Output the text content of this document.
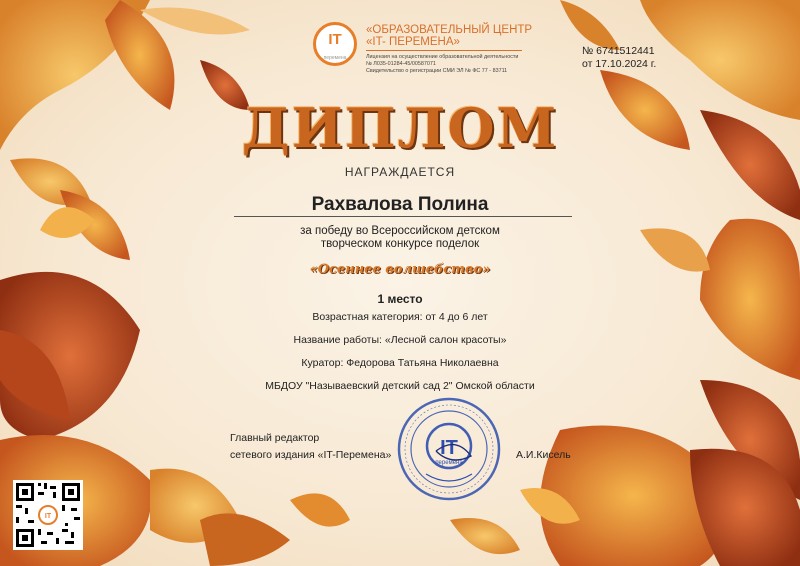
IT
перемена
«ОБРАЗОВАТЕЛЬНЫЙ ЦЕНТР
«IT- ПЕРЕМЕНА»
Лицензия на осуществление образовательной деятельности
№ Л035-01284-45/00587071
Свидетельство о регистрации СМИ ЭЛ № ФС 77 - 83711
№ 6741512441
от 17.10.2024 г.
ДИПЛОМ
НАГРАЖДАЕТСЯ
Рахвалова Полина
за победу во Всероссийском детском
творческом конкурсе поделок
«Осеннее волшебство»
1 место
Возрастная категория: от 4 до 6 лет
Название работы: «Лесной салон красоты»
Куратор: Федорова Татьяна Николаевна
МБДОУ "Называевский детский сад 2" Омской области
Главный редактор
сетевого издания «IT-Перемена»	А.И.Кисель
IT
перемена
IT
